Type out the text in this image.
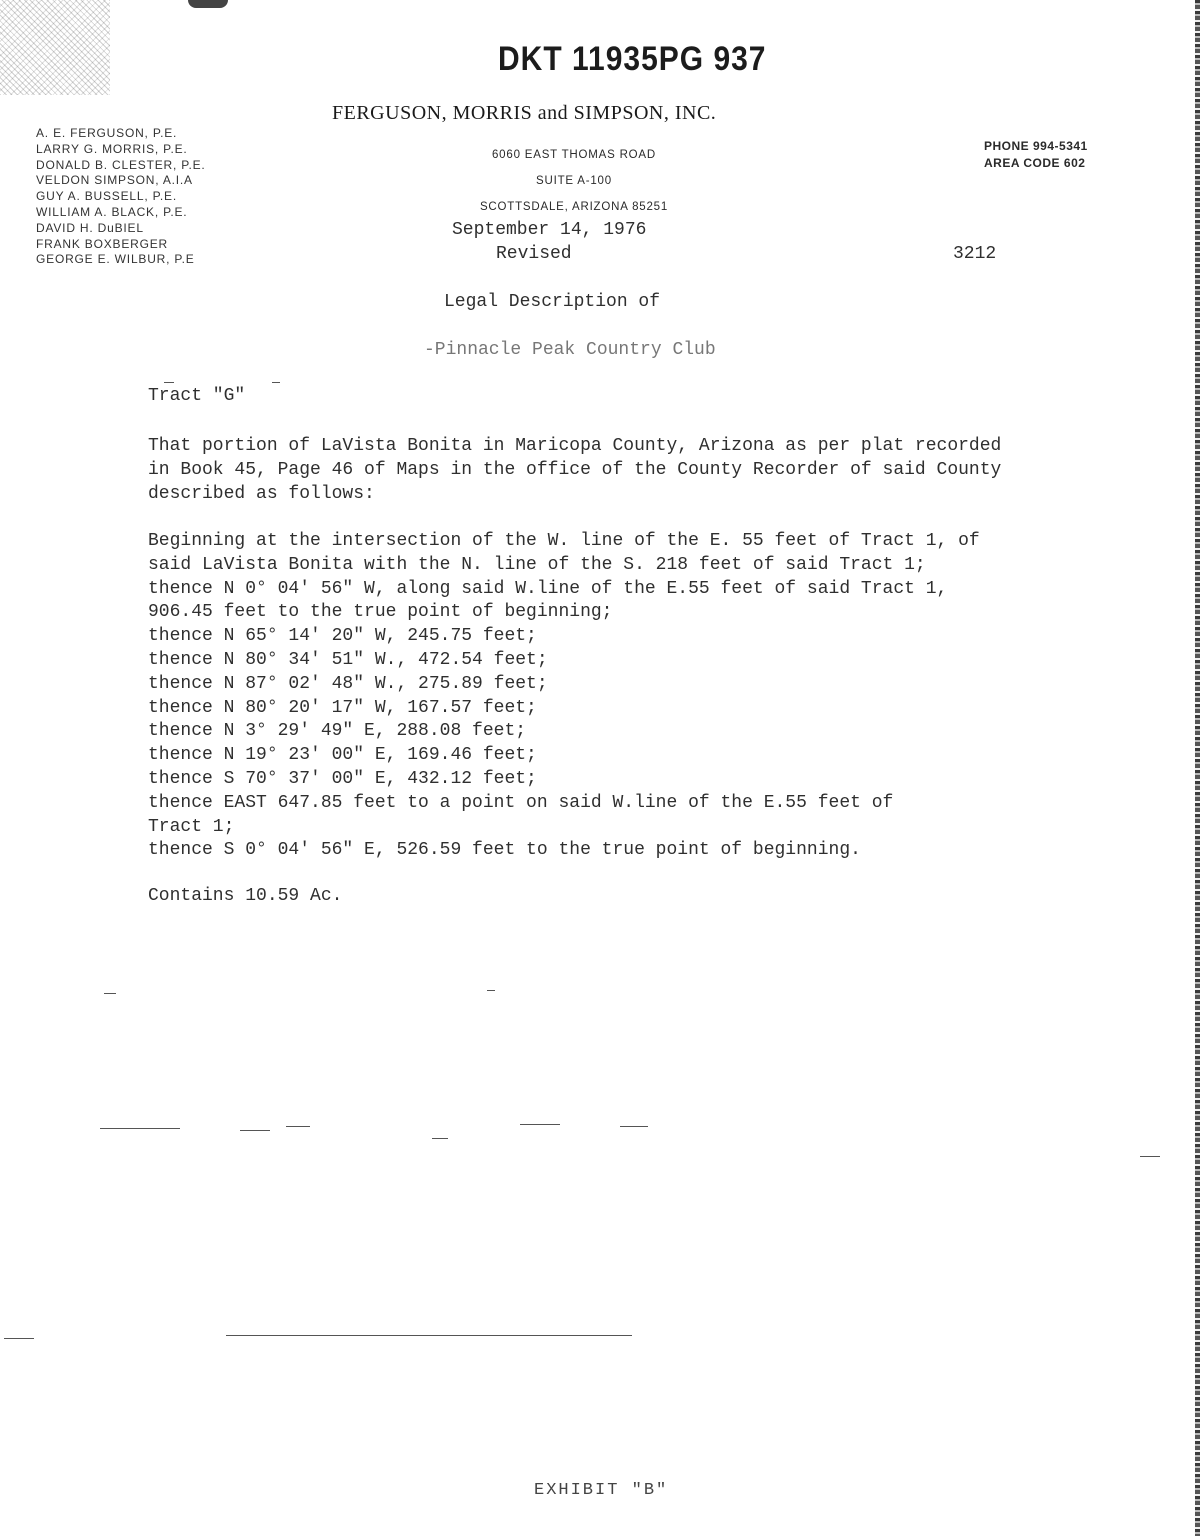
DKT 11935PG 937
FERGUSON, MORRIS and SIMPSON, INC.
A. E. FERGUSON, P.E.
LARRY G. MORRIS, P.E.
DONALD B. CLESTER, P.E.
VELDON SIMPSON, A.I.A
GUY A. BUSSELL, P.E.
WILLIAM A. BLACK, P.E.
DAVID H. DuBIEL
FRANK BOXBERGER
GEORGE E. WILBUR, P.E
6060 EAST THOMAS ROAD
SUITE A-100
SCOTTSDALE, ARIZONA 85251
PHONE 994-5341
AREA CODE 602
September 14, 1976
Revised	3212
Legal Description of
-Pinnacle Peak Country Club
Tract "G"
That portion of LaVista Bonita in Maricopa County, Arizona as per plat recorded
in Book 45, Page 46 of Maps in the office of the County Recorder of said County
described as follows:
Beginning at the intersection of the W. line of the E. 55 feet of Tract 1, of
said LaVista Bonita with the N. line of the S. 218 feet of said Tract 1;
thence N 0° 04' 56" W, along said W.line of the E.55 feet of said Tract 1,
906.45 feet to the true point of beginning;
thence N 65° 14' 20" W, 245.75 feet;
thence N 80° 34' 51" W., 472.54 feet;
thence N 87° 02' 48" W., 275.89 feet;
thence N 80° 20' 17" W, 167.57 feet;
thence N 3° 29' 49" E, 288.08 feet;
thence N 19° 23' 00" E, 169.46 feet;
thence S 70° 37' 00" E, 432.12 feet;
thence EAST 647.85 feet to a point on said W.line of the E.55 feet of
Tract 1;
thence S 0° 04' 56" E, 526.59 feet to the true point of beginning.
Contains 10.59 Ac.
EXHIBIT "B"
